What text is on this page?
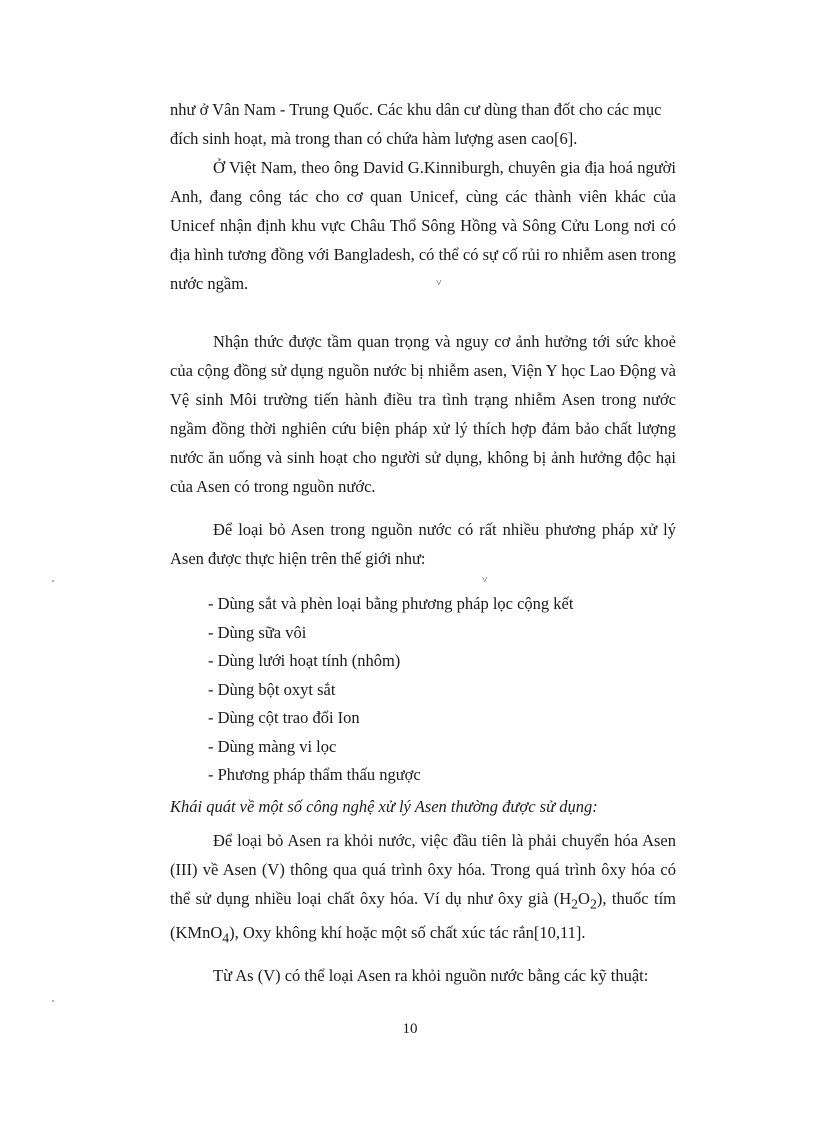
như ở Vân Nam - Trung Quốc. Các khu dân cư dùng than đốt cho các mục

đích sinh hoạt, mà trong than có chứa hàm lượng asen cao[6].

Ở Việt Nam, theo ông David G.Kinniburgh, chuyên gia địa hoá người Anh, đang công tác cho cơ quan Unicef, cùng các thành viên khác của Unicef nhận định khu vực Châu Thổ Sông Hồng và Sông Cửu Long nơi có địa hình tương đồng với Bangladesh, có thể có sự cố rủi ro nhiễm asen trong nước ngầm.

Nhận thức được tầm quan trọng và nguy cơ ảnh hưởng tới sức khoẻ của cộng đồng sử dụng nguồn nước bị nhiễm asen, Viện Y học Lao Động và Vệ sinh Môi trường tiến hành điều tra tình trạng nhiễm Asen trong nước ngầm đồng thời nghiên cứu biện pháp xử lý thích hợp đảm bảo chất lượng nước ăn uống và sinh hoạt cho người sử dụng, không bị ảnh hưởng độc hại của Asen có trong nguồn nước.

Để loại bỏ Asen trong nguồn nước có rất nhiều phương pháp xử lý Asen được thực hiện trên thế giới như:

- Dùng sắt và phèn loại bằng phương pháp lọc cộng kết
- Dùng sữa vôi
- Dùng lưới hoạt tính (nhôm)
- Dùng bột oxyt sắt
- Dùng cột trao đổi Ion
- Dùng màng vi lọc
- Phương pháp thẩm thấu ngược

Khái quát về một số công nghệ xử lý Asen thường được sử dụng:

Để loại bỏ Asen ra khỏi nước, việc đầu tiên là phải chuyển hóa Asen (III) về Asen (V) thông qua quá trình ôxy hóa. Trong quá trình ôxy hóa có thể sử dụng nhiều loại chất ôxy hóa. Ví dụ như ôxy già $(H_2O_2)$, thuốc tím (KMnO$_4$), Oxy không khí hoặc một số chất xúc tác rắn[10,11].

Từ As (V) có thể loại Asen ra khỏi nguồn nước bằng các kỹ thuật:

10

˅
˅
